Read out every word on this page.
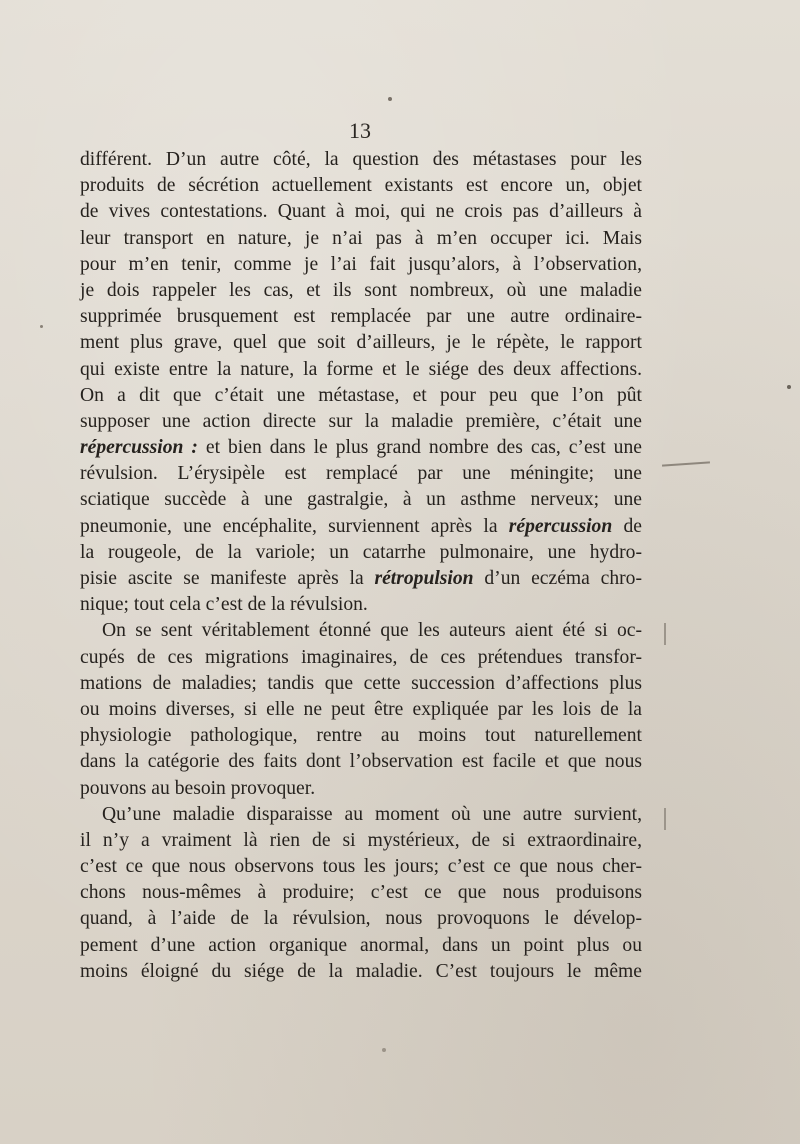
13
différent. D’un autre côté, la question des métastases pour les
produits de sécrétion actuellement existants est encore un, objet
de vives contestations. Quant à moi, qui ne crois pas d’ailleurs à
leur transport en nature, je n’ai pas à m’en occuper ici. Mais
pour m’en tenir, comme je l’ai fait jusqu’alors, à l’observation,
je dois rappeler les cas, et ils sont nombreux, où une maladie
supprimée brusquement est remplacée par une autre ordinaire-
ment plus grave, quel que soit d’ailleurs, je le répète, le rapport
qui existe entre la nature, la forme et le siége des deux affections.
On a dit que c’était une métastase, et pour peu que l’on pût
supposer une action directe sur la maladie première, c’était une
répercussion : et bien dans le plus grand nombre des cas, c’est une
révulsion. L’érysipèle est remplacé par une méningite; une
sciatique succède à une gastralgie, à un asthme nerveux; une
pneumonie, une encéphalite, surviennent après la répercussion de
la rougeole, de la variole; un catarrhe pulmonaire, une hydro-
pisie ascite se manifeste après la rétropulsion d’un eczéma chro-
nique; tout cela c’est de la révulsion.
On se sent véritablement étonné que les auteurs aient été si oc-
cupés de ces migrations imaginaires, de ces prétendues transfor-
mations de maladies; tandis que cette succession d’affections plus
ou moins diverses, si elle ne peut être expliquée par les lois de la
physiologie pathologique, rentre au moins tout naturellement
dans la catégorie des faits dont l’observation est facile et que nous
pouvons au besoin provoquer.
Qu’une maladie disparaisse au moment où une autre survient,
il n’y a vraiment là rien de si mystérieux, de si extraordinaire,
c’est ce que nous observons tous les jours; c’est ce que nous cher-
chons nous-mêmes à produire; c’est ce que nous produisons
quand, à l’aide de la révulsion, nous provoquons le dévelop-
pement d’une action organique anormal, dans un point plus ou
moins éloigné du siége de la maladie. C’est toujours le même
